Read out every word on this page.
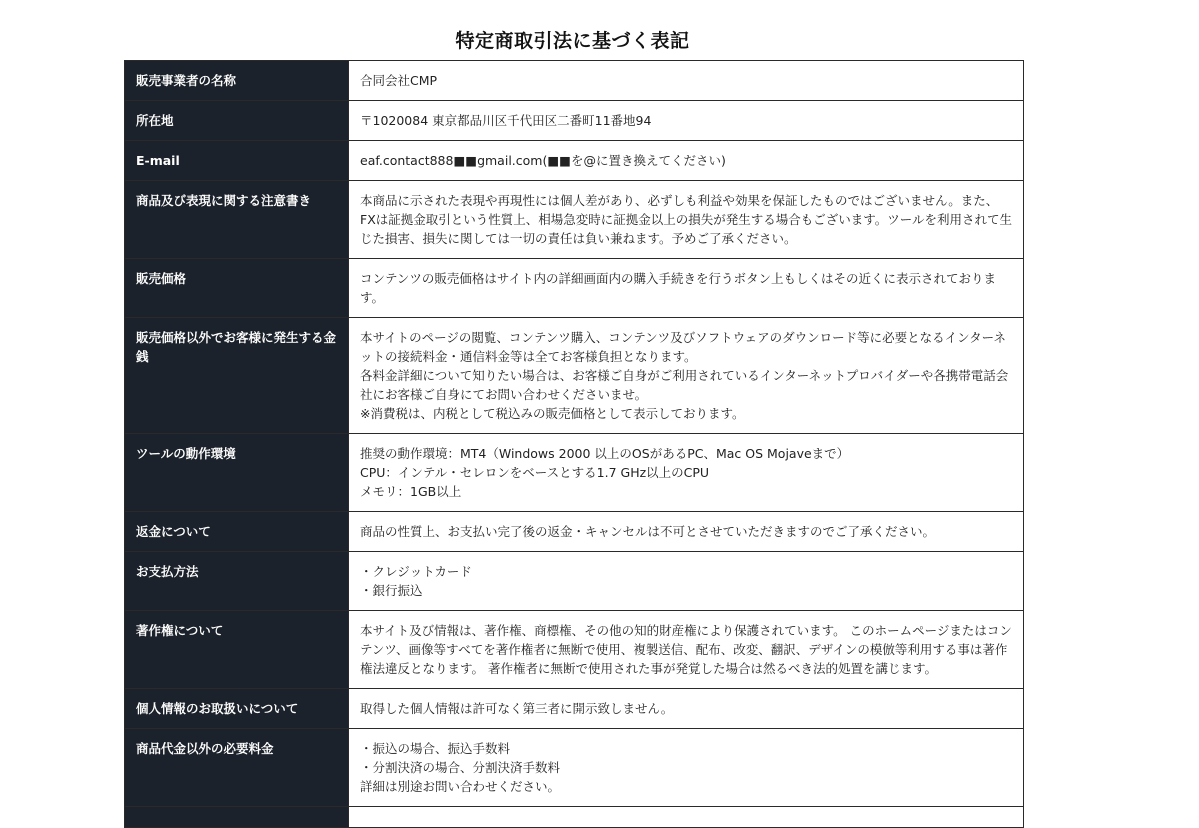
特定商取引法に基づく表記
販売事業者の名称	合同会社CMP

所在地	〒1020084 東京都品川区千代田区二番町11番地94

E-mail	eaf.contact888■■gmail.com(■■を@に置き換えてください)

商品及び表現に関する注意書き	本商品に示された表現や再現性には個人差があり、必ずしも利益や効果を保証したものではございません。また、FXは証拠金取引という性質上、相場急変時に証拠金以上の損失が発生する場合もございます。ツールを利用されて生じた損害、損失に関しては一切の責任は負い兼ねます。予めご了承ください。

販売価格	コンテンツの販売価格はサイト内の詳細画面内の購入手続きを行うボタン上もしくはその近くに表示されております。

販売価格以外でお客様に発生する金銭	本サイトのページの閲覧、コンテンツ購入、コンテンツ及びソフトウェアのダウンロード等に必要となるインターネットの接続料金・通信料金等は全てお客様負担となります。
各料金詳細について知りたい場合は、お客様ご自身がご利用されているインターネットプロバイダーや各携帯電話会社にお客様ご自身にてお問い合わせくださいませ。
※消費税は、内税として税込みの販売価格として表示しております。

ツールの動作環境	推奨の動作環境：MT4（Windows 2000 以上のOSがあるPC、Mac OS Mojaveまで）
CPU：インテル・セレロンをベースとする1.7 GHz以上のCPU
メモリ：1GB以上

返金について	商品の性質上、お支払い完了後の返金・キャンセルは不可とさせていただきますのでご了承ください。

お支払方法	・クレジットカード
・銀行振込

著作権について	本サイト及び情報は、著作権、商標権、その他の知的財産権により保護されています。 このホームページまたはコンテンツ、画像等すべてを著作権者に無断で使用、複製送信、配布、改変、翻訳、デザインの模倣等利用する事は著作権法違反となります。 著作権者に無断で使用された事が発覚した場合は然るべき法的処置を講じます。

個人情報のお取扱いについて	取得した個人情報は許可なく第三者に開示致しません。

商品代金以外の必要料金	・振込の場合、振込手数料
・分割決済の場合、分割決済手数料
詳細は別途お問い合わせください。
